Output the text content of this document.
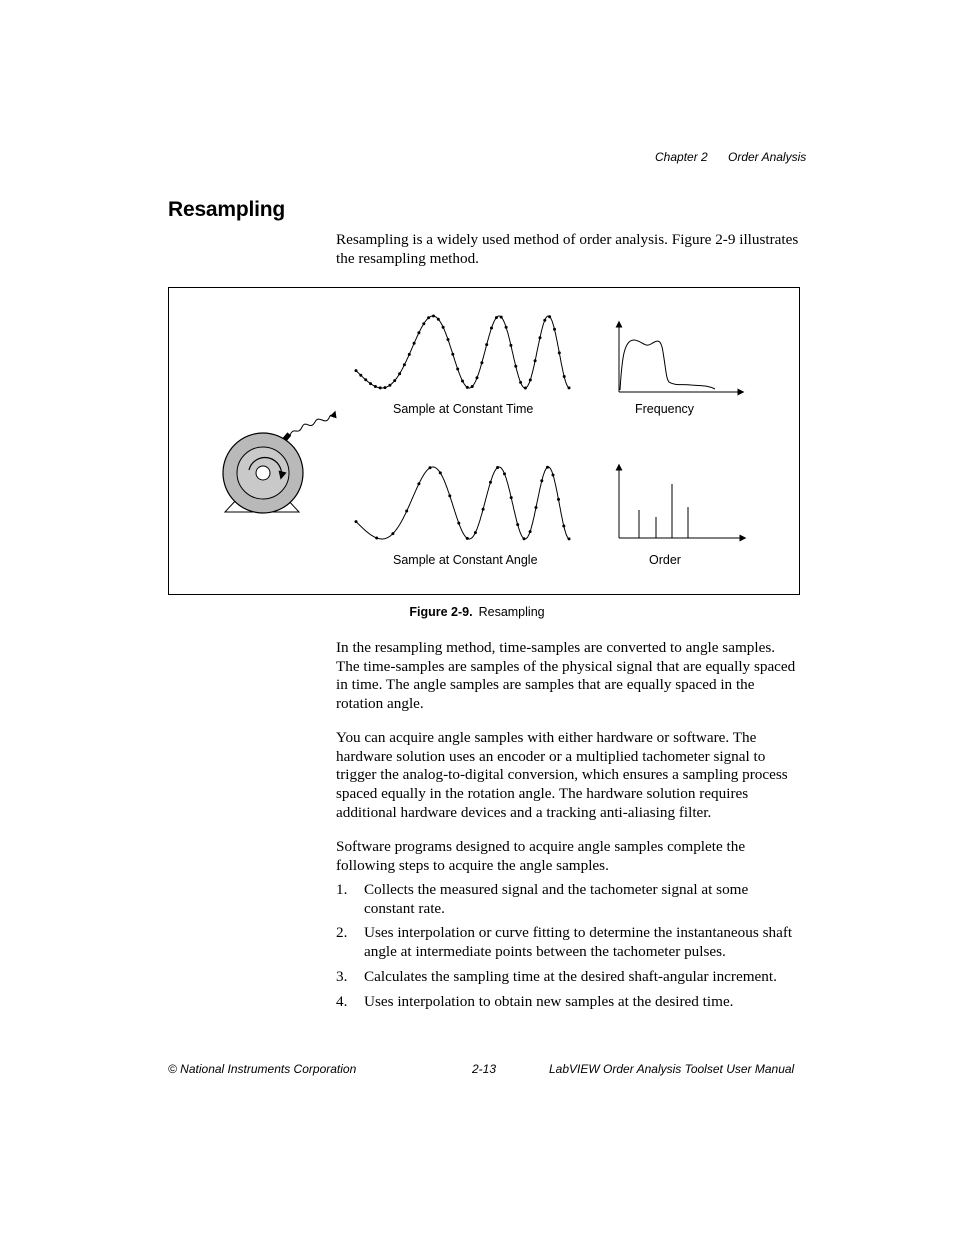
Chapter 2 Order Analysis
Resampling

Resampling is a widely used method of order analysis. Figure 2-9 illustrates the resampling method.

Sample at Constant Time	Frequency
Sample at Constant Angle	Order
Figure 2-9. Resampling

In the resampling method, time-samples are converted to angle samples. The time-samples are samples of the physical signal that are equally spaced in time. The angle samples are samples that are equally spaced in the rotation angle.

You can acquire angle samples with either hardware or software. The hardware solution uses an encoder or a multiplied tachometer signal to trigger the analog-to-digital conversion, which ensures a sampling process spaced equally in the rotation angle. The hardware solution requires additional hardware devices and a tracking anti-aliasing filter.

Software programs designed to acquire angle samples complete the following steps to acquire the angle samples.

1. Collects the measured signal and the tachometer signal at some constant rate.
2. Uses interpolation or curve fitting to determine the instantaneous shaft angle at intermediate points between the tachometer pulses.
3. Calculates the sampling time at the desired shaft-angular increment.
4. Uses interpolation to obtain new samples at the desired time.
© National Instruments Corporation	2-13	LabVIEW Order Analysis Toolset User Manual
